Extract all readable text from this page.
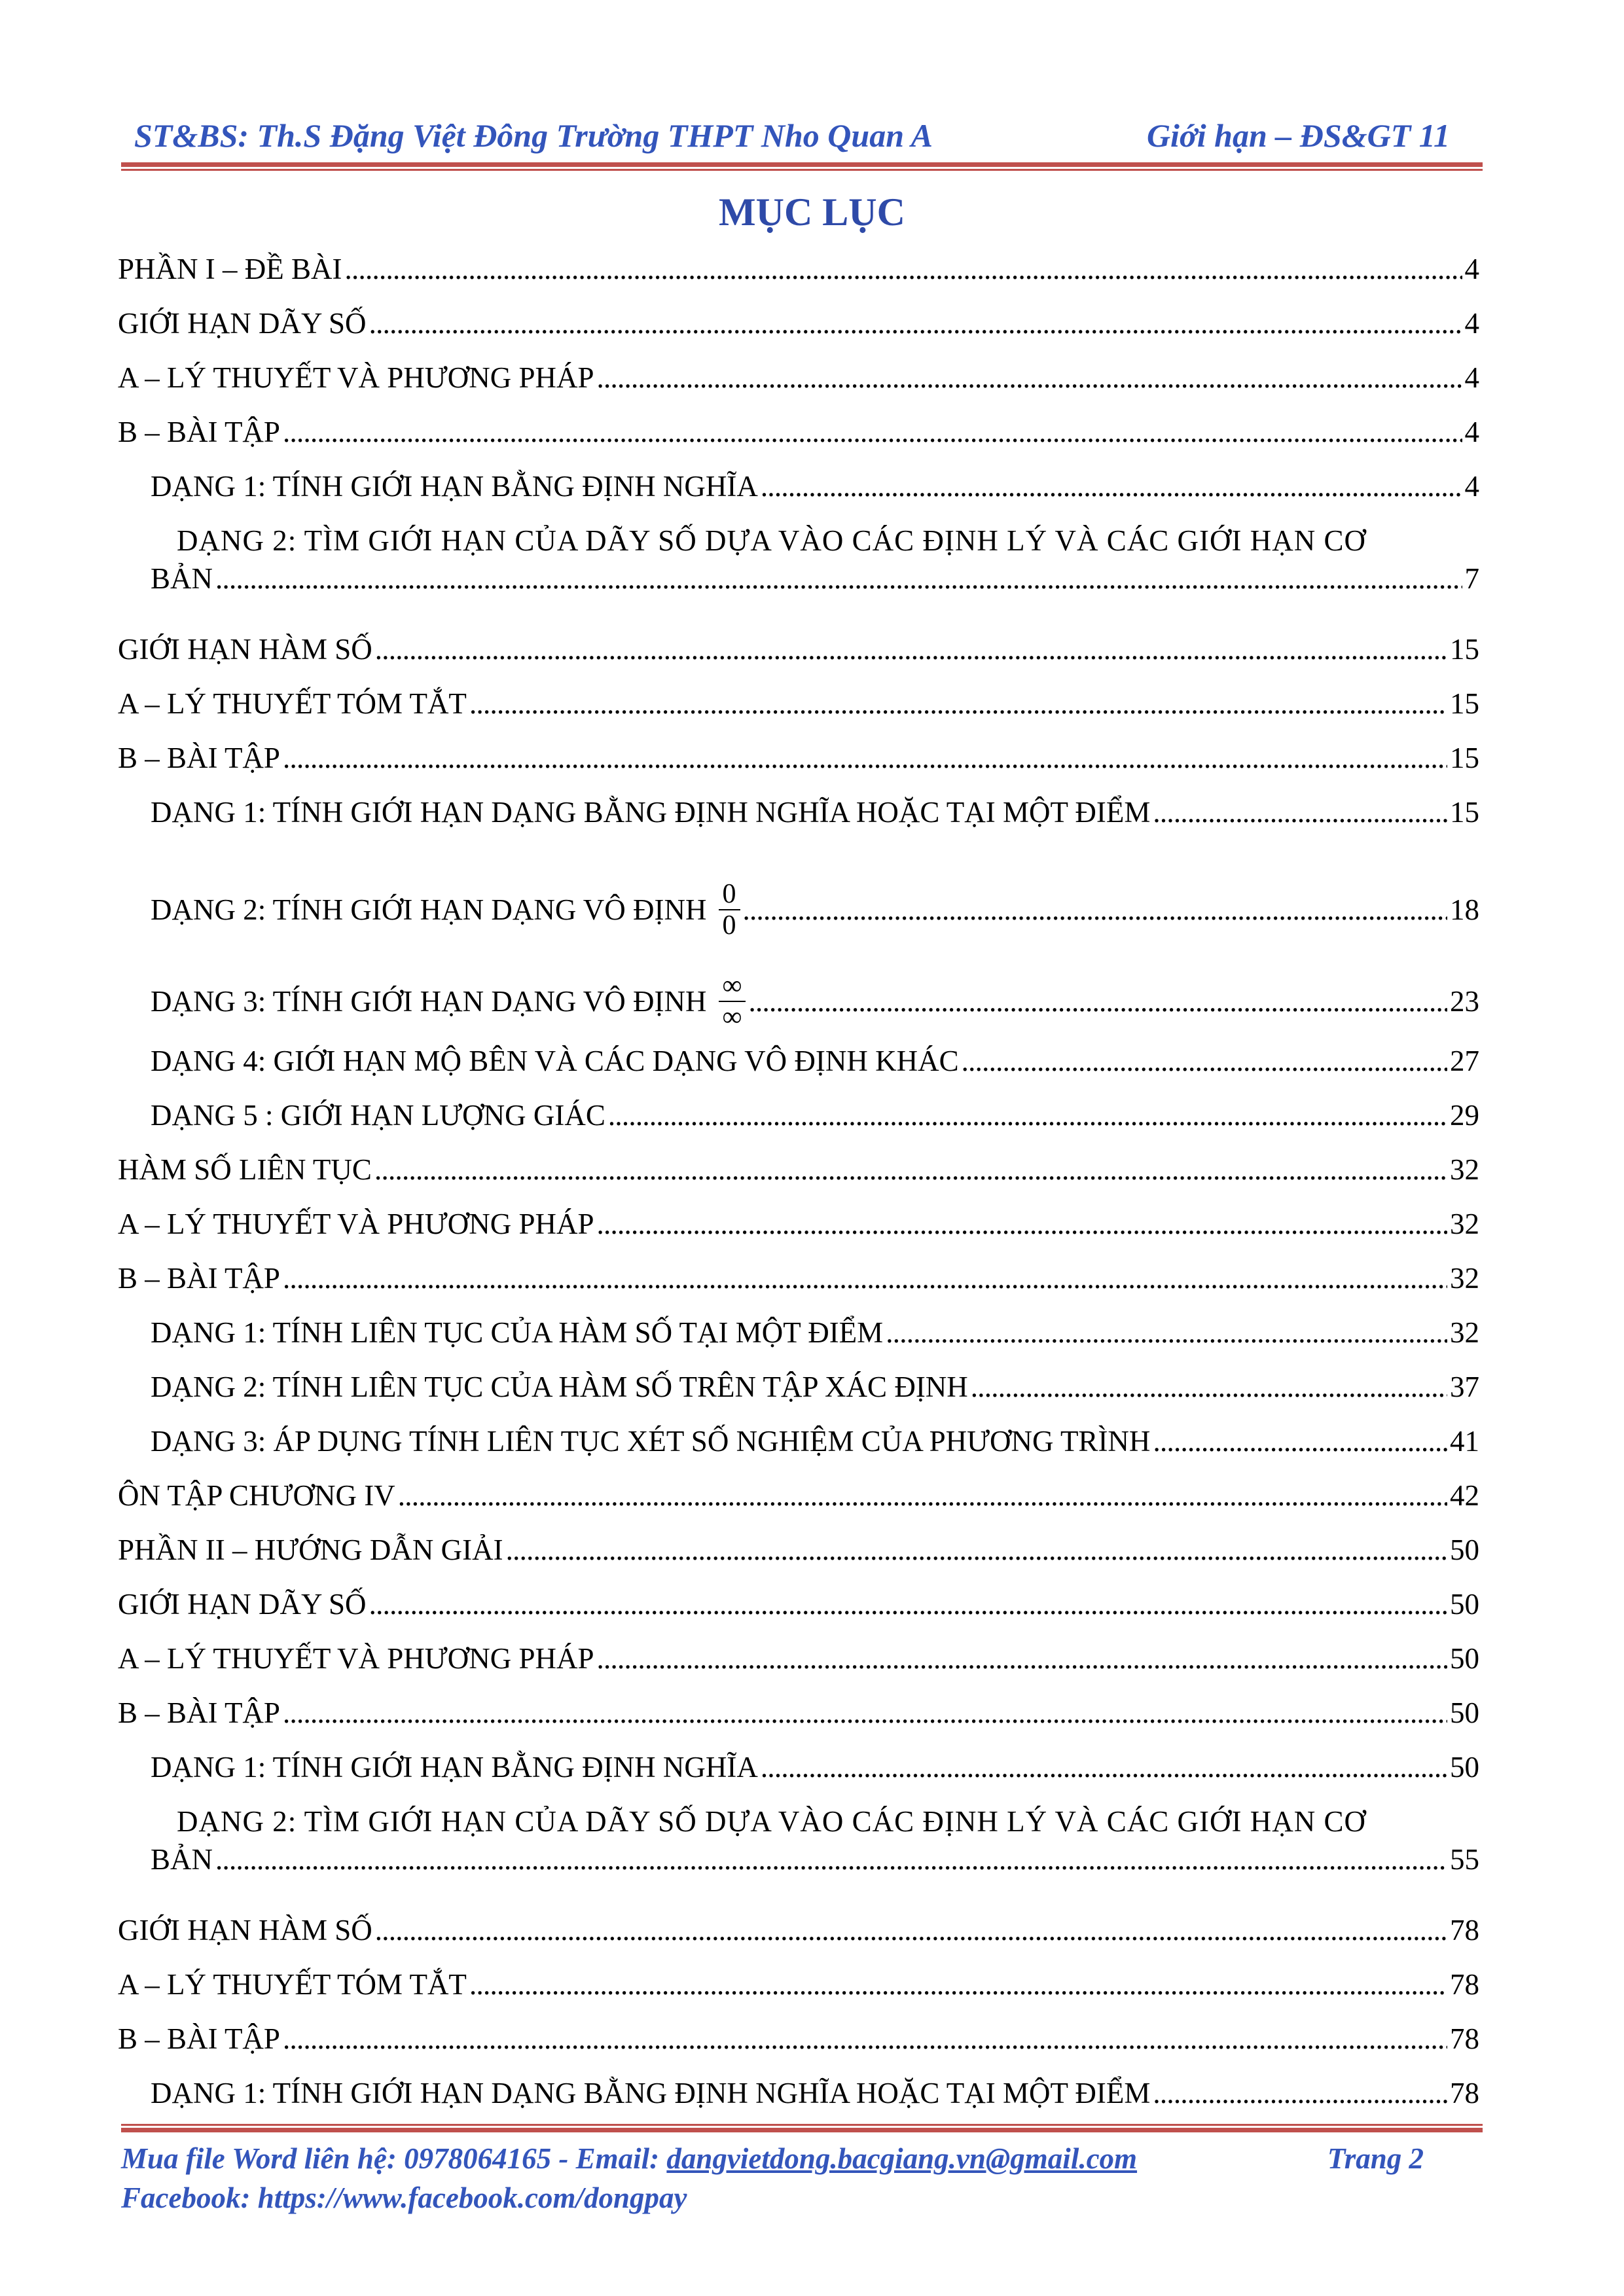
ST&BS: Th.S Đặng Việt Đông Trường THPT Nho Quan A	Giới hạn – ĐS&GT 11
MỤC LỤC
PHẦN I – ĐỀ BÀI . . .	4
GIỚI HẠN DÃY SỐ . . .	4
A – LÝ THUYẾT VÀ PHƯƠNG PHÁP . . .	4
B – BÀI TẬP . . .	4
DẠNG 1: TÍNH GIỚI HẠN BẰNG ĐỊNH NGHĨA . . .	4
DẠNG 2: TÌM GIỚI HẠN CỦA DÃY SỐ DỰA VÀO CÁC ĐỊNH LÝ VÀ CÁC GIỚI HẠN CƠ
BẢN . . .	7
GIỚI HẠN HÀM SỐ . . .	15
A – LÝ THUYẾT TÓM TẮT . . .	15
B – BÀI TẬP . . .	15
DẠNG 1: TÍNH GIỚI HẠN DẠNG BẰNG ĐỊNH NGHĨA HOẶC TẠI MỘT ĐIỂM . . .	15
DẠNG 2: TÍNH GIỚI HẠN DẠNG VÔ ĐỊNH $\frac{0}{0}$ . . .	18
DẠNG 3: TÍNH GIỚI HẠN DẠNG VÔ ĐỊNH $\frac{\infty}{\infty}$ . . .	23
DẠNG 4: GIỚI HẠN MỘ BÊN VÀ CÁC DẠNG VÔ ĐỊNH KHÁC . . .	27
DẠNG 5 : GIỚI HẠN LƯỢNG GIÁC . . .	29
HÀM SỐ LIÊN TỤC . . .	32
A – LÝ THUYẾT VÀ PHƯƠNG PHÁP . . .	32
B – BÀI TẬP . . .	32
DẠNG 1: TÍNH LIÊN TỤC CỦA HÀM SỐ TẠI MỘT ĐIỂM . . .	32
DẠNG 2: TÍNH LIÊN TỤC CỦA HÀM SỐ TRÊN TẬP XÁC ĐỊNH . . .	37
DẠNG 3: ÁP DỤNG TÍNH LIÊN TỤC XÉT SỐ NGHIỆM CỦA PHƯƠNG TRÌNH . . .	41
ÔN TẬP CHƯƠNG IV . . .	42
PHẦN II – HƯỚNG DẪN GIẢI . . .	50
GIỚI HẠN DÃY SỐ . . .	50
A – LÝ THUYẾT VÀ PHƯƠNG PHÁP . . .	50
B – BÀI TẬP . . .	50
DẠNG 1: TÍNH GIỚI HẠN BẰNG ĐỊNH NGHĨA . . .	50
DẠNG 2: TÌM GIỚI HẠN CỦA DÃY SỐ DỰA VÀO CÁC ĐỊNH LÝ VÀ CÁC GIỚI HẠN CƠ
BẢN . . .	55
GIỚI HẠN HÀM SỐ . . .	78
A – LÝ THUYẾT TÓM TẮT . . .	78
B – BÀI TẬP . . .	78
DẠNG 1: TÍNH GIỚI HẠN DẠNG BẰNG ĐỊNH NGHĨA HOẶC TẠI MỘT ĐIỂM . . .	78
Mua file Word liên hệ: 0978064165 - Email: dangvietdong.bacgiang.vn@gmail.com	Trang 2
Facebook: https://www.facebook.com/dongpay
